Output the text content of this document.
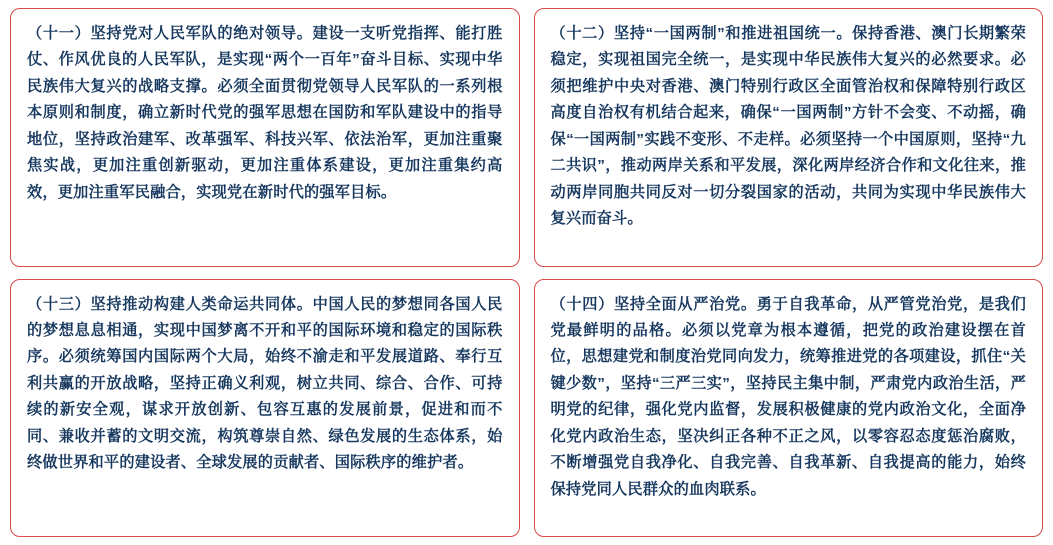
（十一）坚持党对人民军队的绝对领导。建设一支听党指挥、能打胜仗、作风优良的人民军队，是实现“两个一百年”奋斗目标、实现中华民族伟大复兴的战略支撑。必须全面贯彻党领导人民军队的一系列根本原则和制度，确立新时代党的强军思想在国防和军队建设中的指导地位，坚持政治建军、改革强军、科技兴军、依法治军，更加注重聚焦实战，更加注重创新驱动，更加注重体系建设，更加注重集约高效，更加注重军民融合，实现党在新时代的强军目标。

（十二）坚持“一国两制”和推进祖国统一。保持香港、澳门长期繁荣稳定，实现祖国完全统一，是实现中华民族伟大复兴的必然要求。必须把维护中央对香港、澳门特别行政区全面管治权和保障特别行政区高度自治权有机结合起来，确保“一国两制”方针不会变、不动摇，确保“一国两制”实践不变形、不走样。必须坚持一个中国原则，坚持“九二共识”，推动两岸关系和平发展，深化两岸经济合作和文化往来，推动两岸同胞共同反对一切分裂国家的活动，共同为实现中华民族伟大复兴而奋斗。

（十三）坚持推动构建人类命运共同体。中国人民的梦想同各国人民的梦想息息相通，实现中国梦离不开和平的国际环境和稳定的国际秩序。必须统筹国内国际两个大局，始终不渝走和平发展道路、奉行互利共赢的开放战略，坚持正确义利观，树立共同、综合、合作、可持续的新安全观，谋求开放创新、包容互惠的发展前景，促进和而不同、兼收并蓄的文明交流，构筑尊崇自然、绿色发展的生态体系，始终做世界和平的建设者、全球发展的贡献者、国际秩序的维护者。

（十四）坚持全面从严治党。勇于自我革命，从严管党治党，是我们党最鲜明的品格。必须以党章为根本遵循，把党的政治建设摆在首位，思想建党和制度治党同向发力，统筹推进党的各项建设，抓住“关键少数”，坚持“三严三实”，坚持民主集中制，严肃党内政治生活，严明党的纪律，强化党内监督，发展积极健康的党内政治文化，全面净化党内政治生态，坚决纠正各种不正之风，以零容忍态度惩治腐败，不断增强党自我净化、自我完善、自我革新、自我提高的能力，始终保持党同人民群众的血肉联系。
